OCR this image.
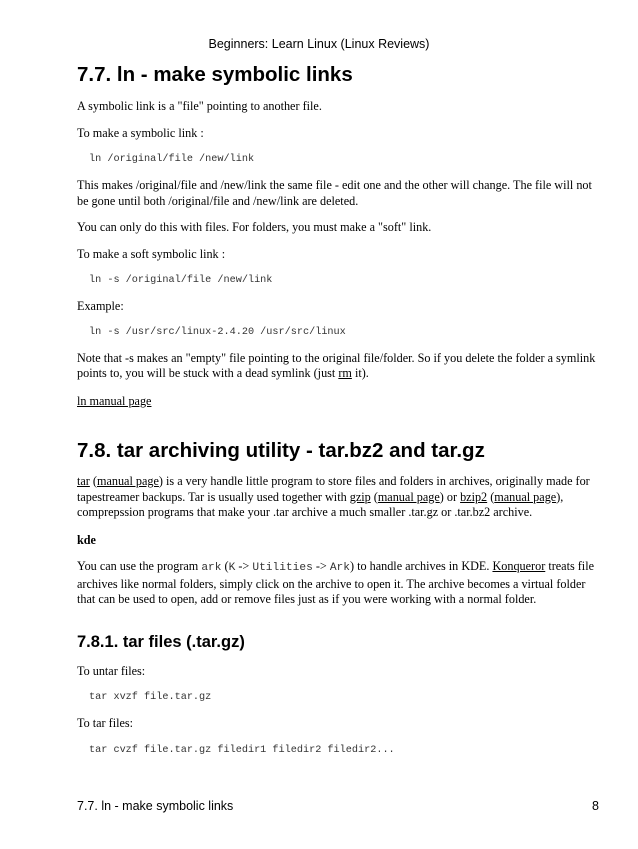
Beginners: Learn Linux (Linux Reviews)
7.7. ln - make symbolic links

A symbolic link is a "file" pointing to another file.

To make a symbolic link :

ln /original/file /new/link

This makes /original/file and /new/link the same file - edit one and the other will change. The file will not be gone until both /original/file and /new/link are deleted.

You can only do this with files. For folders, you must make a "soft" link.

To make a soft symbolic link :

ln -s /original/file /new/link

Example:

ln -s /usr/src/linux-2.4.20 /usr/src/linux

Note that -s makes an "empty" file pointing to the original file/folder. So if you delete the folder a symlink points to, you will be stuck with a dead symlink (just rm it).

ln manual page

7.8. tar archiving utility - tar.bz2 and tar.gz

tar (manual page) is a very handle little program to store files and folders in archives, originally made for tapestreamer backups. Tar is usually used together with gzip (manual page) or bzip2 (manual page), comprepssion programs that make your .tar archive a much smaller .tar.gz or .tar.bz2 archive.

kde

You can use the program ark (K -> Utilities -> Ark) to handle archives in KDE. Konqueror treats file archives like normal folders, simply click on the archive to open it. The archive becomes a virtual folder that can be used to open, add or remove files just as if you were working with a normal folder.

7.8.1. tar files (.tar.gz)

To untar files:

tar xvzf file.tar.gz

To tar files:

tar cvzf file.tar.gz filedir1 filedir2 filedir2...
7.7. ln - make symbolic links	8
